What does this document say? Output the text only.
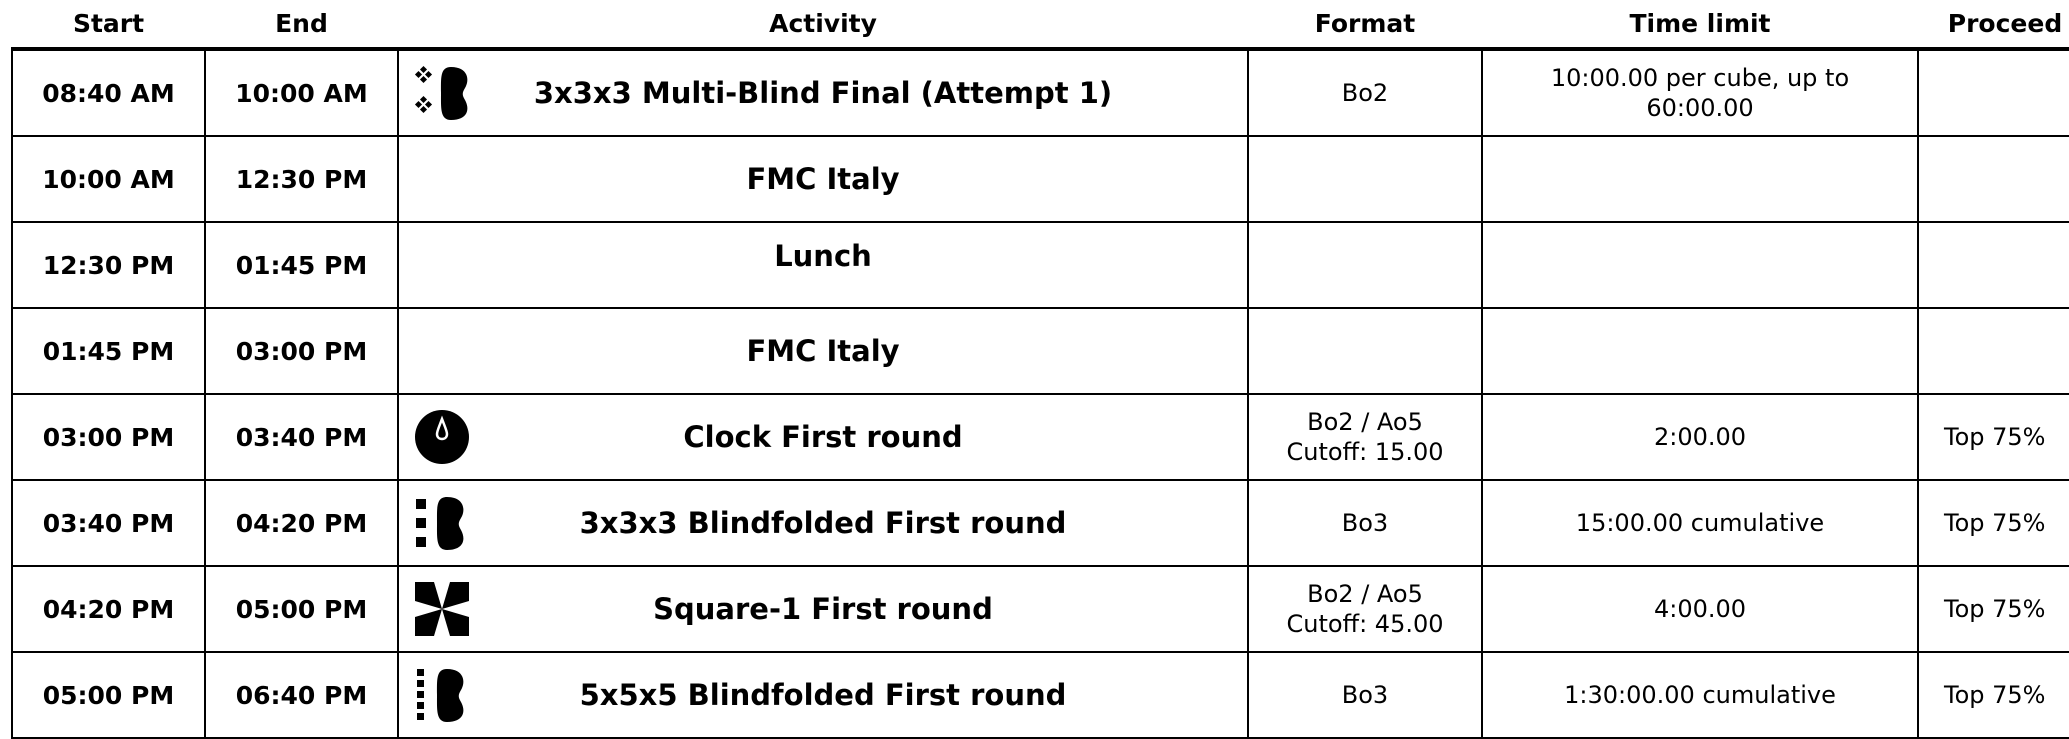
Start	End	Activity	Format	Time limit	Proceed
08:40 AM	10:00 AM	3x3x3 Multi-Blind Final (Attempt 1)	Bo2	10:00.00 per cube, up to
60:00.00	

10:00 AM	12:30 PM	FMC Italy			
12:30 PM	01:45 PM	Lunch			
01:45 PM	03:00 PM	FMC Italy			
03:00 PM	03:40 PM	Clock First round	Bo2 / Ao5
Cutoff: 15.00	2:00.00	Top 75%
03:40 PM	04:20 PM	3x3x3 Blindfolded First round	Bo3	15:00.00 cumulative	Top 75%
04:20 PM	05:00 PM	Square-1 First round	Bo2 / Ao5
Cutoff: 45.00	4:00.00	Top 75%
05:00 PM	06:40 PM	5x5x5 Blindfolded First round	Bo3	1:30:00.00 cumulative	Top 75%
